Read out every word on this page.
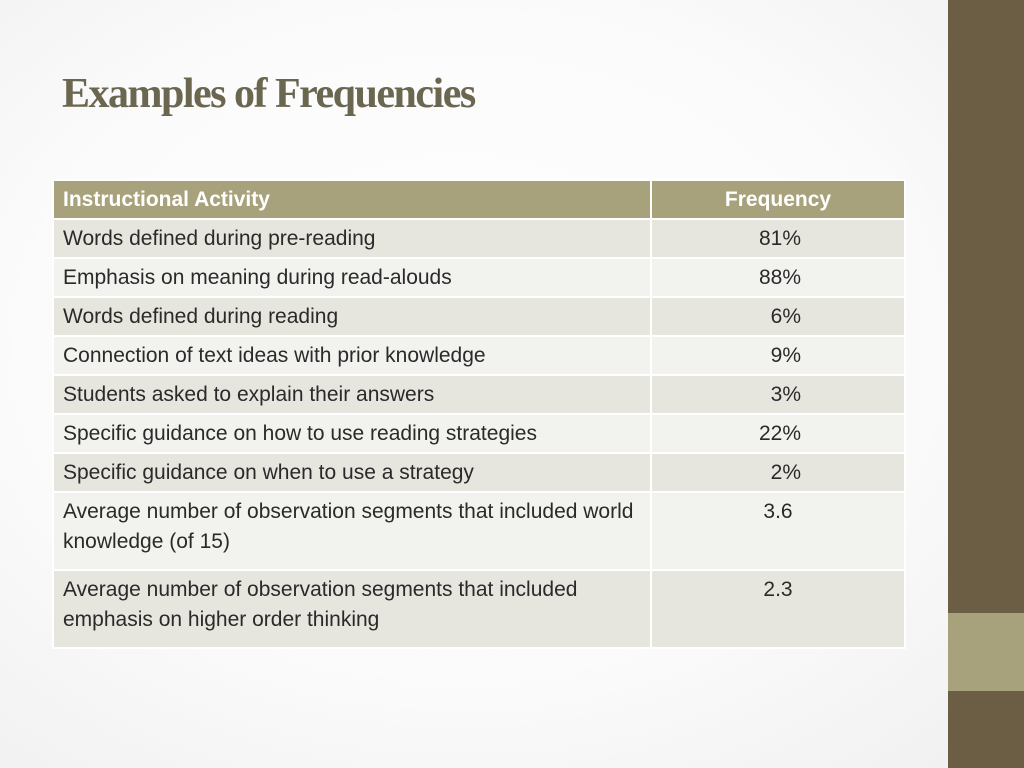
Examples of Frequencies
Instructional Activity	Frequency
Words defined during pre-reading	81%
Emphasis on meaning during read-alouds	88%
Words defined during reading	6%
Connection of text ideas with prior knowledge	9%
Students asked to explain their answers	3%
Specific guidance on how to use reading strategies	22%
Specific guidance on when to use a strategy	2%
Average number of observation segments that included world knowledge (of 15)	3.6
Average number of observation segments that included emphasis on higher order thinking	2.3
